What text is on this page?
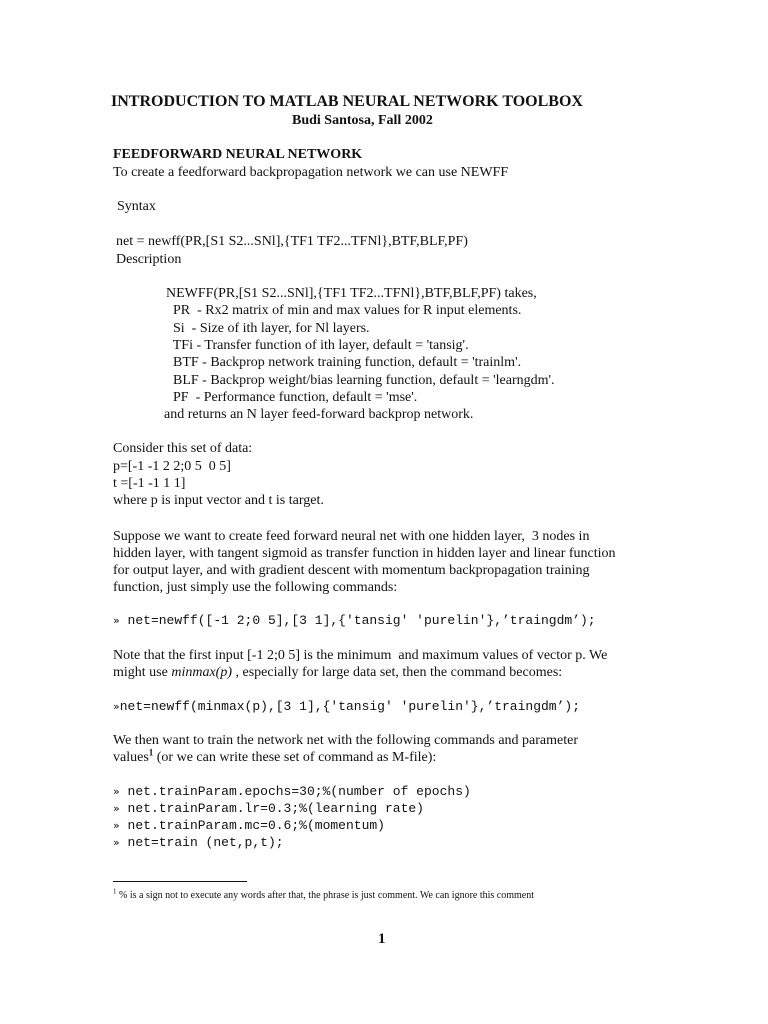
INTRODUCTION TO MATLAB NEURAL NETWORK TOOLBOX
Budi Santosa, Fall 2002
FEEDFORWARD NEURAL NETWORK
To create a feedforward backpropagation network we can use NEWFF
Syntax
net = newff(PR,[S1 S2...SNl],{TF1 TF2...TFNl},BTF,BLF,PF)
Description
NEWFF(PR,[S1 S2...SNl],{TF1 TF2...TFNl},BTF,BLF,PF) takes,
PR  - Rx2 matrix of min and max values for R input elements.
Si  - Size of ith layer, for Nl layers.
TFi - Transfer function of ith layer, default = 'tansig'.
BTF - Backprop network training function, default = 'trainlm'.
BLF - Backprop weight/bias learning function, default = 'learngdm'.
PF  - Performance function, default = 'mse'.
and returns an N layer feed-forward backprop network.
Consider this set of data:
p=[-1 -1 2 2;0 5  0 5]
t =[-1 -1 1 1]
where p is input vector and t is target.
Suppose we want to create feed forward neural net with one hidden layer,  3 nodes in
hidden layer, with tangent sigmoid as transfer function in hidden layer and linear function
for output layer, and with gradient descent with momentum backpropagation training
function, just simply use the following commands:
» net=newff([-1 2;0 5],[3 1],{'tansig' 'purelin'},’traingdm’);
Note that the first input [-1 2;0 5] is the minimum  and maximum values of vector p. We
might use minmax(p) , especially for large data set, then the command becomes:
»net=newff(minmax(p),[3 1],{'tansig' 'purelin'},’traingdm’);
We then want to train the network net with the following commands and parameter
values$^1$ (or we can write these set of command as M-file):
» net.trainParam.epochs=30;%(number of epochs)
» net.trainParam.lr=0.3;%(learning rate)
» net.trainParam.mc=0.6;%(momentum)
» net=train (net,p,t);
$^1$ % is a sign not to execute any words after that, the phrase is just comment. We can ignore this comment
1
